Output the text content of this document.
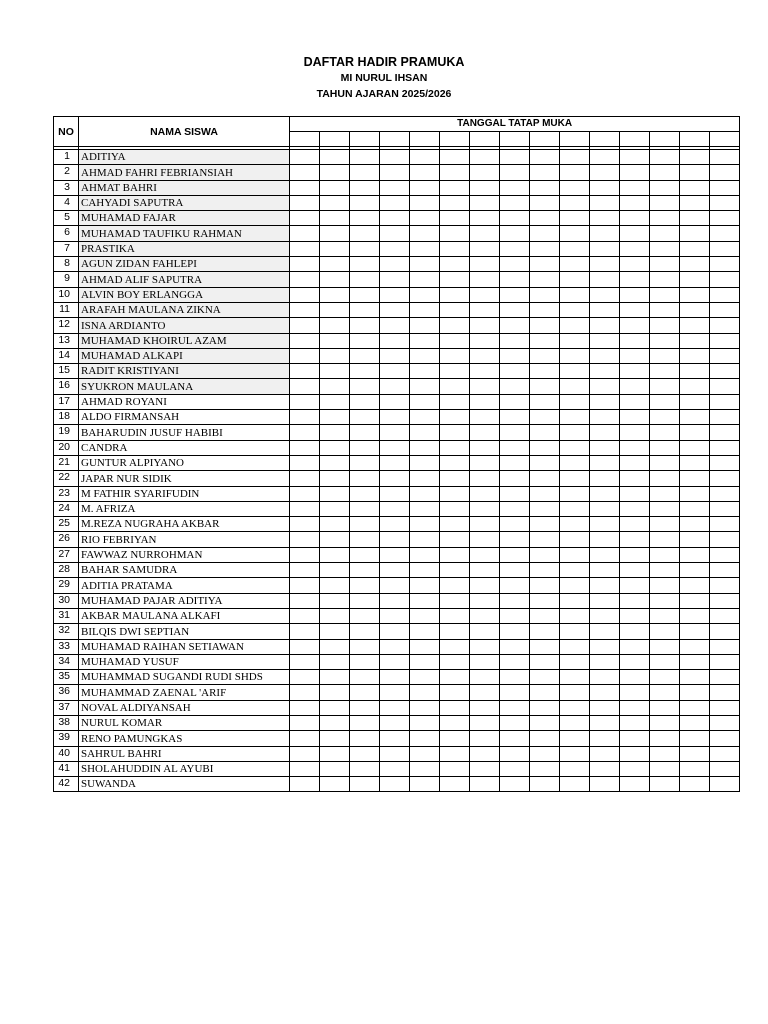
DAFTAR HADIR PRAMUKA
MI NURUL IHSAN
TAHUN AJARAN 2025/2026
NO	NAMA SISWA	TANGGAL TATAP MUKA														

1	ADITIYA															
2	AHMAD FAHRI FEBRIANSIAH															
3	AHMAT BAHRI															
4	CAHYADI SAPUTRA															
5	MUHAMAD FAJAR															
6	MUHAMAD TAUFIKU RAHMAN															
7	PRASTIKA															
8	AGUN ZIDAN FAHLEPI															
9	AHMAD ALIF SAPUTRA															
10	ALVIN BOY ERLANGGA															
11	ARAFAH MAULANA ZIKNA															
12	ISNA ARDIANTO															
13	MUHAMAD KHOIRUL AZAM															
14	MUHAMAD ALKAPI															
15	RADIT KRISTIYANI															
16	SYUKRON MAULANA															
17	AHMAD ROYANI															
18	ALDO FIRMANSAH															
19	BAHARUDIN JUSUF HABIBI															
20	CANDRA															
21	GUNTUR ALPIYANO															
22	JAPAR NUR SIDIK															
23	M FATHIR SYARIFUDIN															
24	M. AFRIZA															
25	M.REZA NUGRAHA AKBAR															
26	RIO FEBRIYAN															
27	FAWWAZ NURROHMAN															
28	BAHAR SAMUDRA															
29	ADITIA PRATAMA															
30	MUHAMAD PAJAR ADITIYA															
31	AKBAR MAULANA ALKAFI															
32	BILQIS DWI SEPTIAN															
33	MUHAMAD RAIHAN SETIAWAN															
34	MUHAMAD YUSUF															
35	MUHAMMAD SUGANDI RUDI SHDS															
36	MUHAMMAD ZAENAL 'ARIF															
37	NOVAL ALDIYANSAH															
38	NURUL KOMAR															
39	RENO PAMUNGKAS															
40	SAHRUL BAHRI															
41	SHOLAHUDDIN AL AYUBI															
42	SUWANDA															
